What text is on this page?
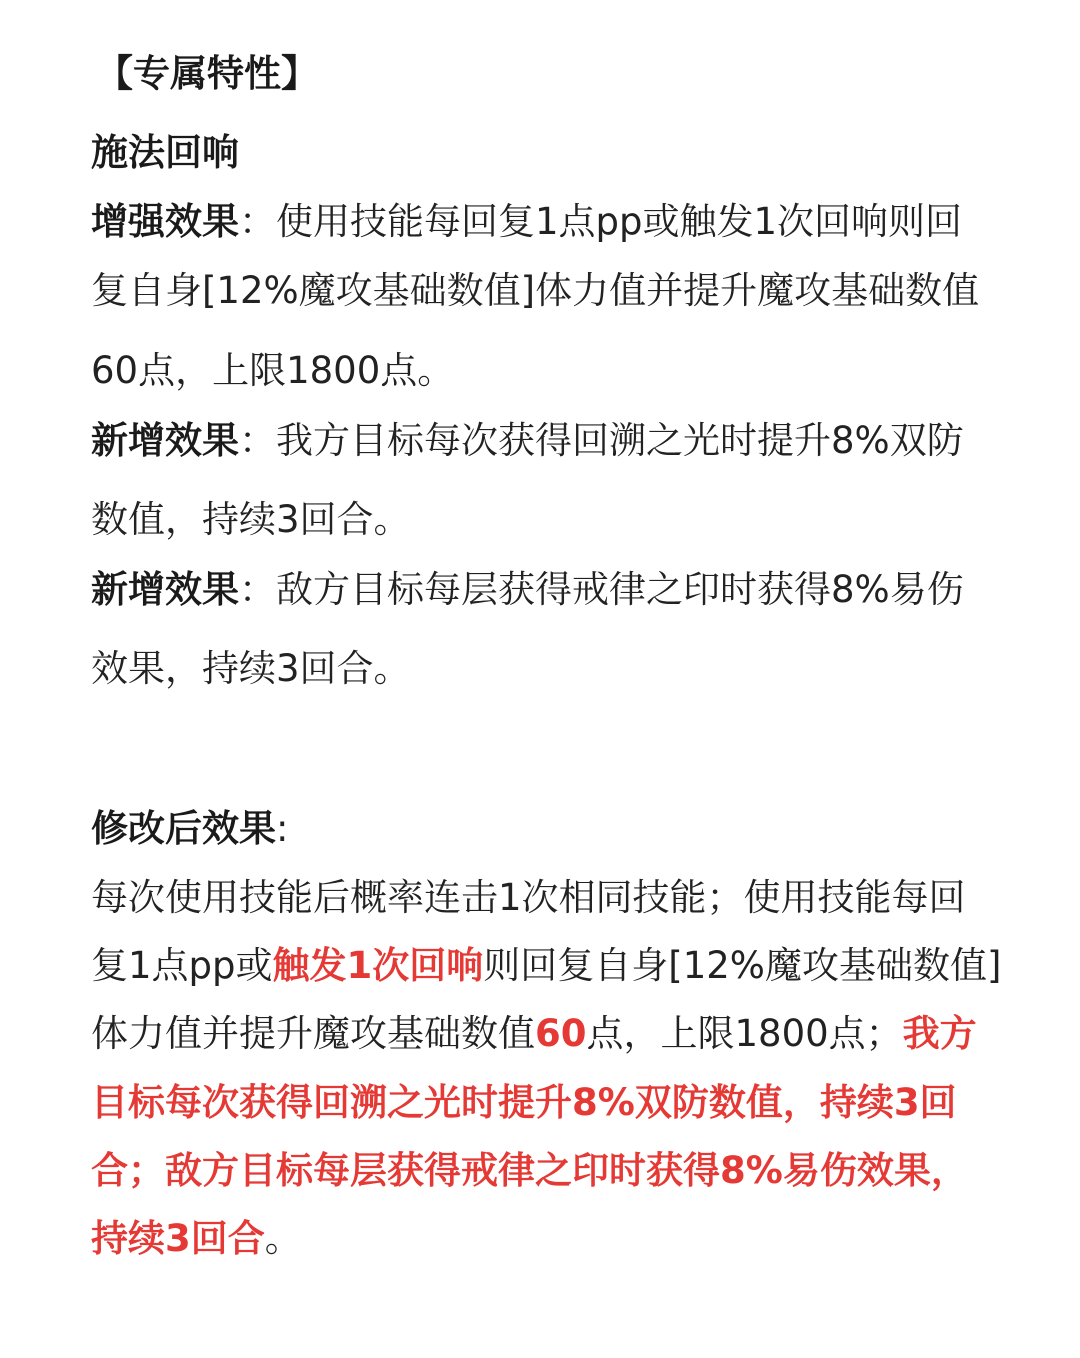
【专属特性】

施法回响

增强效果：使用技能每回复1点pp或触发1次回响则回

复自身[12%魔攻基础数值]体力值并提升魔攻基础数值

60点，上限1800点。

新增效果：我方目标每次获得回溯之光时提升8%双防

数值，持续3回合。

新增效果：敌方目标每层获得戒律之印时获得8%易伤

效果，持续3回合。

修改后效果:

每次使用技能后概率连击1次相同技能；使用技能每回

复1点pp或触发1次回响则回复自身[12%魔攻基础数值]

体力值并提升魔攻基础数值60点，上限1800点；我方

目标每次获得回溯之光时提升8%双防数值，持续3回

合；敌方目标每层获得戒律之印时获得8%易伤效果，

持续3回合。
